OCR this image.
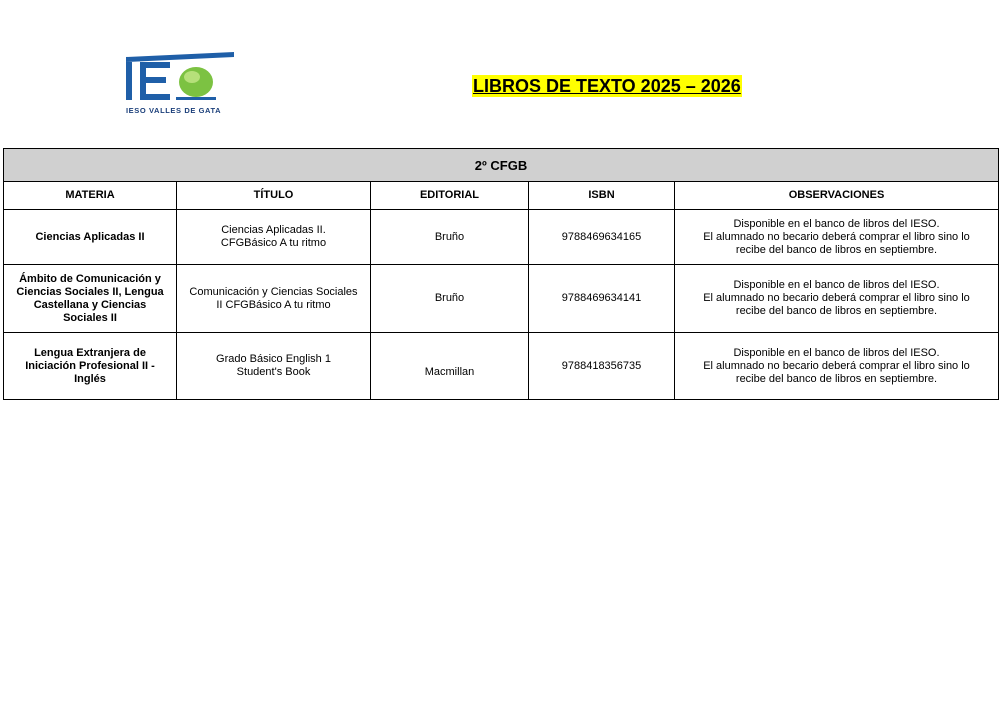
IESO VALLES DE GATA
LIBROS DE TEXTO 2025 – 2026
2º CFGB				
MATERIA	TÍTULO	EDITORIAL	ISBN	OBSERVACIONES
Ciencias Aplicadas II	Ciencias Aplicadas II.
CFGBásico A tu ritmo	Bruño	9788469634165	Disponible en el banco de libros del IESO.
El alumnado no becario deberá comprar el libro sino lo
recibe del banco de libros en septiembre.
Ámbito de Comunicación y
Ciencias Sociales II, Lengua
Castellana y Ciencias
Sociales II	Comunicación y Ciencias Sociales
II CFGBásico A tu ritmo	Bruño	9788469634141	Disponible en el banco de libros del IESO.
El alumnado no becario deberá comprar el libro sino lo
recibe del banco de libros en septiembre.
Lengua Extranjera de
Iniciación Profesional II -
Inglés	Grado Básico English 1
Student's Book	Macmillan	9788418356735	Disponible en el banco de libros del IESO.
El alumnado no becario deberá comprar el libro sino lo
recibe del banco de libros en septiembre.
